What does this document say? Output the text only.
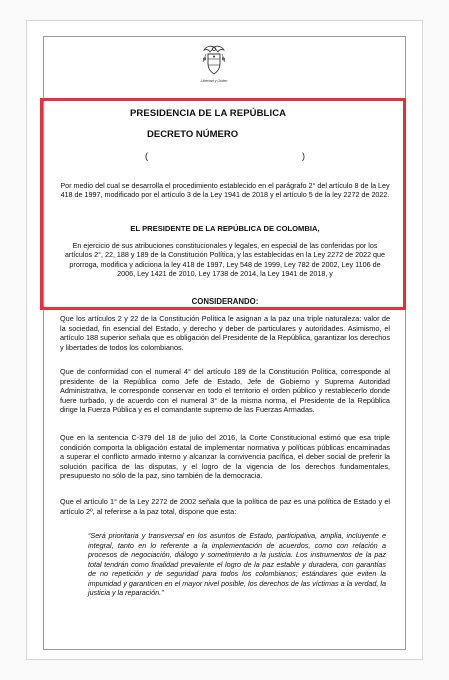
Libertad y Orden
PRESIDENCIA DE LA REPÚBLICA
DECRETO NÚMERO
(	)
Por medio del cual se desarrolla el procedimiento establecido en el parágrafo 2° del artículo 8 de la Ley 418 de 1997, modificado por el artículo 3 de la Ley 1941 de 2018 y el artículo 5 de la ley 2272 de 2022.
EL PRESIDENTE DE LA REPÚBLICA DE COLOMBIA,
En ejercicio de sus atribuciones constitucionales y legales, en especial de las conferidas por los artículos 2°, 22, 188 y 189 de la Constitución Política, y las establecidas en la Ley 2272 de 2022 que prorroga, modifica y adiciona la ley 418 de 1997, Ley 548 de 1999, Ley 782 de 2002, Ley 1106 de 2006, Ley 1421 de 2010, Ley 1738 de 2014, la Ley 1941 de 2018, y
CONSIDERANDO:
Que los artículos 2 y 22 de la Constitución Política le asignan a la paz una triple naturaleza: valor de la sociedad, fin esencial del Estado, y derecho y deber de particulares y autoridades. Asimismo, el artículo 188 superior señala que es obligación del Presidente de la República, garantizar los derechos y libertades de todos los colombianos.
Que de conformidad con el numeral 4° del artículo 189 de la Constitución Política, corresponde al presidente de la República como Jefe de Estado, Jefe de Gobierno y Suprema Autoridad Administrativa, le corresponde conservar en todo el territorio el orden público y restablecerlo donde fuere turbado, y de acuerdo con el numeral 3° de la misma norma, el Presidente de la República dirige la Fuerza Pública y es el comandante supremo de las Fuerzas Armadas.
Que en la sentencia C-379 del 18 de julio del 2016, la Corte Constitucional estimó que esa triple condición comporta la obligación estatal de implementar normativa y políticas públicas encaminadas a superar el conflicto armado interno y alcanzar la convivencia pacífica, el deber social de preferir la solución pacífica de las disputas, y el logro de la vigencia de los derechos fundamentales, presupuesto no sólo de la paz, sino también de la democracia.
Que el artículo 1° de la Ley 2272 de 2002 señala que la política de paz es una política de Estado y el artículo 2º, al referirse a la paz total, dispone que esta:
“Será prioritaria y transversal en los asuntos de Estado, participativa, amplia, incluyente e integral, tanto en lo referente a la implementación de acuerdos, como con relación a procesos de negociación, diálogo y sometimiento a la justicia. Los instrumentos de la paz total tendrán como finalidad prevalente el logro de la paz estable y duradera, con garantías de no repetición y de seguridad para todos los colombianos; estándares que eviten la impunidad y garanticen en el mayor nivel posible, los derechos de las víctimas a la verdad, la justicia y la reparación.”
